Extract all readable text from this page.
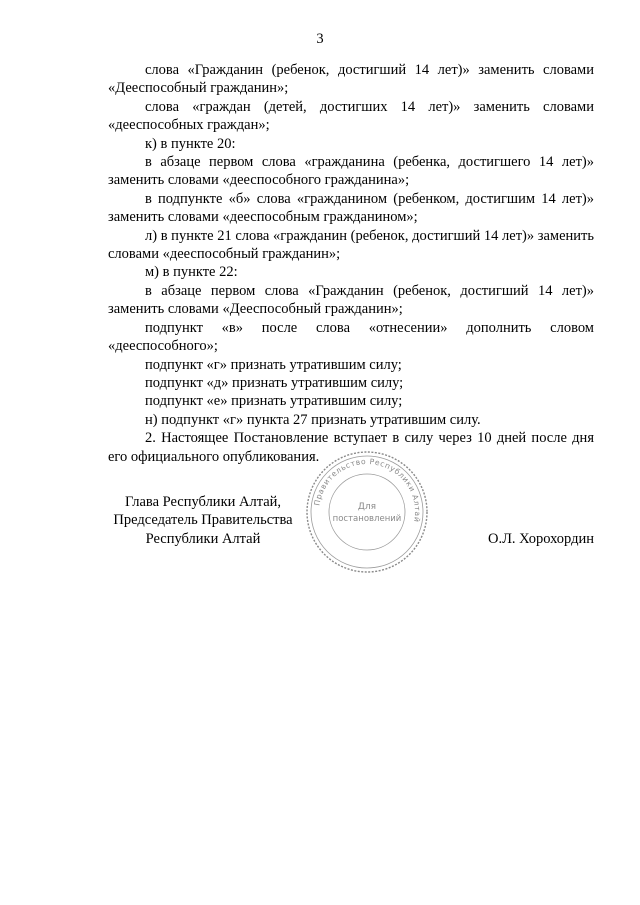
3

слова «Гражданин (ребенок, достигший 14 лет)» заменить словами «Дееспособный гражданин»;

слова «граждан (детей, достигших 14 лет)» заменить словами «дееспособных граждан»;

к) в пункте 20:

в абзаце первом слова «гражданина (ребенка, достигшего 14 лет)» заменить словами «дееспособного гражданина»;

в подпункте «б» слова «гражданином (ребенком, достигшим 14 лет)» заменить словами «дееспособным гражданином»;

л) в пункте 21 слова «гражданин (ребенок, достигший 14 лет)» заменить словами «дееспособный гражданин»;

м) в пункте 22:

в абзаце первом слова «Гражданин (ребенок, достигший 14 лет)» заменить словами «Дееспособный гражданин»;

подпункт «в» после слова «отнесении» дополнить словом «дееспособного»;

подпункт «г» признать утратившим силу;

подпункт «д» признать утратившим силу;

подпункт «е» признать утратившим силу;

н) подпункт «г» пункта 27 признать утратившим силу.

2. Настоящее Постановление вступает в силу через 10 дней после дня его официального опубликования.

Глава Республики Алтай,
Председатель Правительства
Республики Алтай
Правительство Республики Алтай
Для
постановлений
О.Л. Хорохордин
